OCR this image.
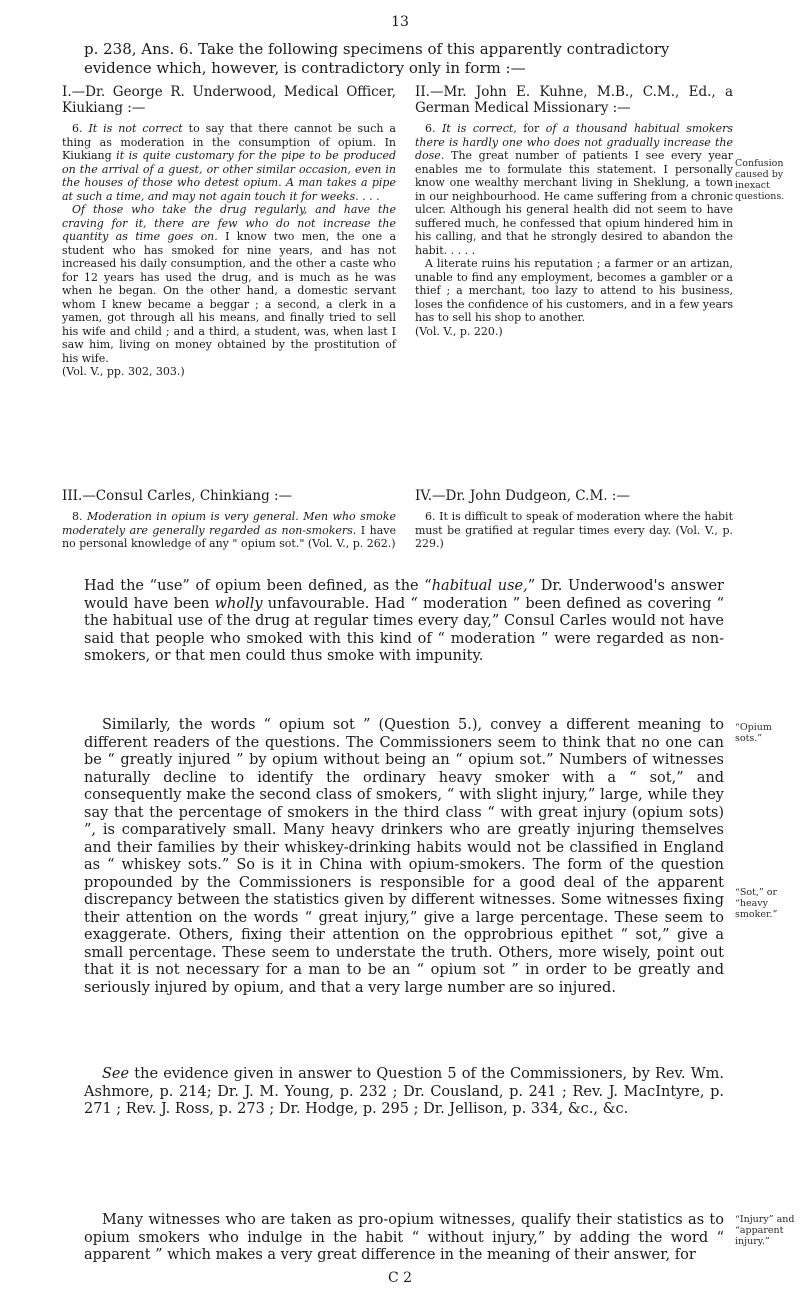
13
p. 238, Ans. 6. Take the following specimens of this apparently contradictory evidence which, however, is contradictory only in form :—
I.—Dr. George R. Underwood, Medical Officer, Kiukiang :—

6. It is not correct to say that there cannot be such a thing as moderation in the consumption of opium. In Kiukiang it is quite customary for the pipe to be produced on the arrival of a guest, or other similar occasion, even in the houses of those who detest opium. A man takes a pipe at such a time, and may not again touch it for weeks. . . .

Of those who take the drug regularly, and have the craving for it, there are few who do not increase the quantity as time goes on. I know two men, the one a student who has smoked for nine years, and has not increased his daily consumption, and the other a caste who for 12 years has used the drug, and is much as he was when he began. On the other hand, a domestic servant whom I knew became a beggar ; a second, a clerk in a yamen, got through all his means, and finally tried to sell his wife and child ; and a third, a student, was, when last I saw him, living on money obtained by the prostitution of his wife.

(Vol. V., pp. 302, 303.)

II.—Mr. John E. Kuhne, M.B., C.M., Ed., a German Medical Missionary :—

6. It is correct, for of a thousand habitual smokers there is hardly one who does not gradually increase the dose. The great number of patients I see every year enables me to formulate this statement. I personally know one wealthy merchant living in Sheklung, a town in our neighbourhood. He came suffering from a chronic ulcer. Although his general health did not seem to have suffered much, he confessed that opium hindered him in his calling, and that he strongly desired to abandon the habit. . . . .

A literate ruins his reputation ; a farmer or an artizan, unable to find any employment, becomes a gambler or a thief ; a merchant, too lazy to attend to his business, loses the confidence of his customers, and in a few years has to sell his shop to another.

(Vol. V., p. 220.)

Confusion caused by inexact questions.
III.—Consul Carles, Chinkiang :—

8. Moderation in opium is very general. Men who smoke moderately are generally regarded as non-smokers. I have no personal knowledge of any " opium sot." (Vol. V., p. 262.)

IV.—Dr. John Dudgeon, C.M. :—

6. It is difficult to speak of moderation where the habit must be gratified at regular times every day. (Vol. V., p. 229.)

Had the “use” of opium been defined, as the “habitual use,” Dr. Underwood's answer would have been wholly unfavourable. Had “ moderation ” been defined as covering “ the habitual use of the drug at regular times every day,” Consul Carles would not have said that people who smoked with this kind of “ moderation ” were regarded as non-smokers, or that men could thus smoke with impunity.

“Opium sots.”

Similarly, the words “ opium sot ” (Question 5.), convey a different meaning to different readers of the questions. The Commissioners seem to think that no one can be “ greatly injured ” by opium without being an “ opium sot.” Numbers of witnesses naturally decline to identify the ordinary heavy smoker with a “ sot,” and consequently make the second class of smokers, “ with slight injury,” large, while they say that the percentage of smokers in the third class “ with great injury (opium sots) ”, is comparatively small. Many heavy drinkers who are greatly injuring themselves and their families by their whiskey-drinking habits would not be classified in England as “ whiskey sots.” So is it in China with opium-smokers. The form of the question propounded by the Commissioners is responsible for a good deal of the apparent discrepancy between the statistics given by different witnesses. Some witnesses fixing their attention on the words “ great injury,” give a large percentage. These seem to exaggerate. Others, fixing their attention on the opprobrious epithet “ sot,” give a small percentage. These seem to understate the truth. Others, more wisely, point out that it is not necessary for a man to be an “ opium sot ” in order to be greatly and seriously injured by opium, and that a very large number are so injured.

“Sot,” or “heavy smoker.”

See the evidence given in answer to Question 5 of the Commissioners, by Rev. Wm. Ashmore, p. 214; Dr. J. M. Young, p. 232 ; Dr. Cousland, p. 241 ; Rev. J. MacIntyre, p. 271 ; Rev. J. Ross, p. 273 ; Dr. Hodge, p. 295 ; Dr. Jellison, p. 334, &c., &c.

“Injury” and “apparent injury.”

Many witnesses who are taken as pro-opium witnesses, qualify their statistics as to opium smokers who indulge in the habit “ without injury,” by adding the word “ apparent ” which makes a very great difference in the meaning of their answer, for

C 2
